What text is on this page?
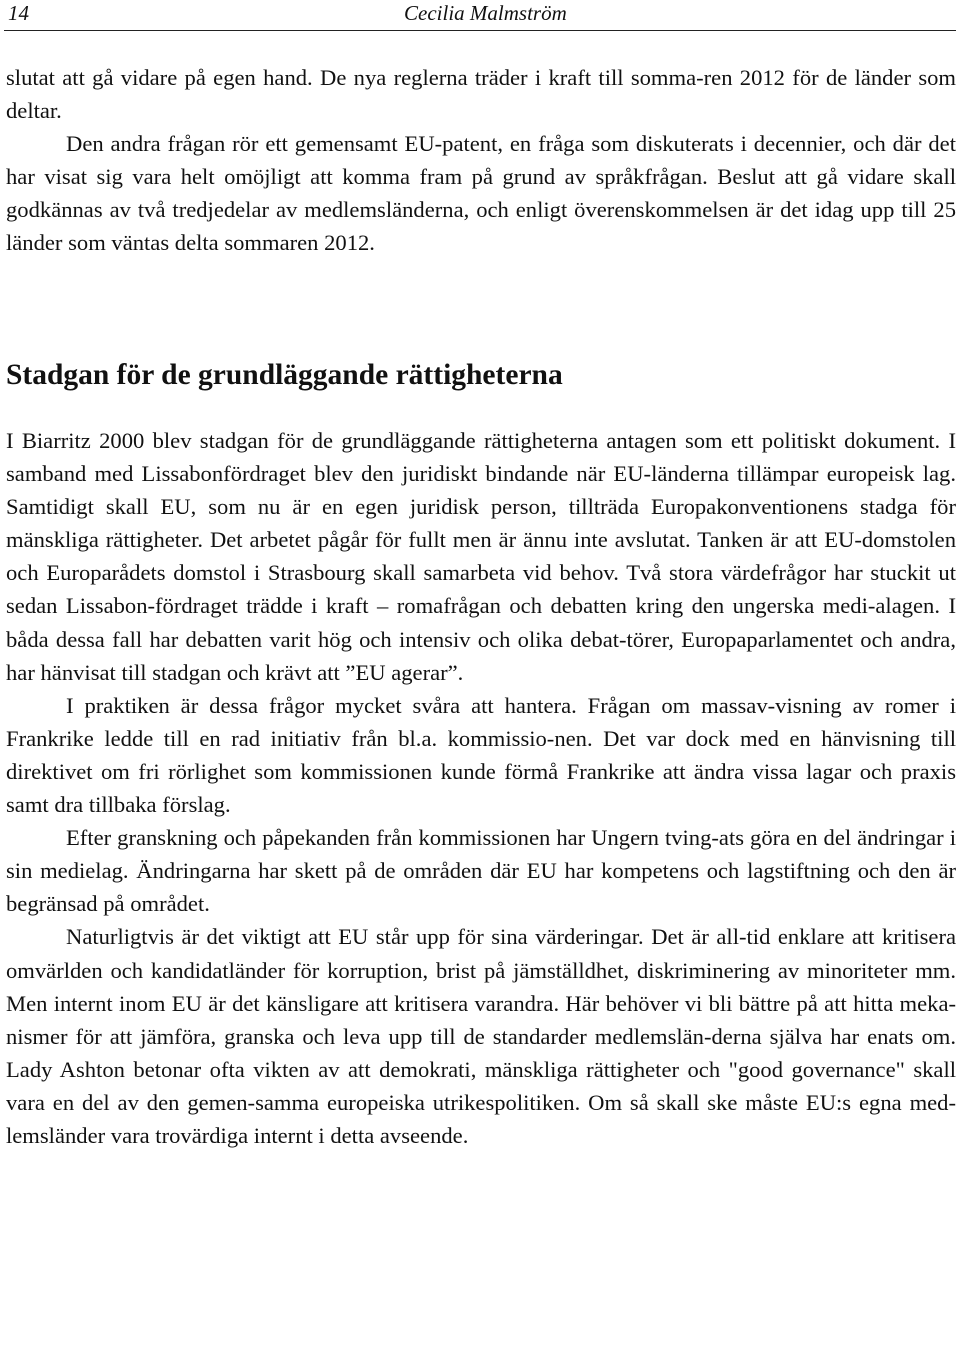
14	Cecilia Malmström

slutat att gå vidare på egen hand. De nya reglerna träder i kraft till somma-ren 2012 för de länder som deltar.

Den andra frågan rör ett gemensamt EU-patent, en fråga som diskuterats i decennier, och där det har visat sig vara helt omöjligt att komma fram på grund av språkfrågan. Beslut att gå vidare skall godkännas av två tredjedelar av medlemsländerna, och enligt överenskommelsen är det idag upp till 25 länder som väntas delta sommaren 2012.

Stadgan för de grundläggande rättigheterna

I Biarritz 2000 blev stadgan för de grundläggande rättigheterna antagen som ett politiskt dokument. I samband med Lissabonfördraget blev den juridiskt bindande när EU-länderna tillämpar europeisk lag. Samtidigt skall EU, som nu är en egen juridisk person, tillträda Europakonventionens stadga för mänskliga rättigheter. Det arbetet pågår för fullt men är ännu inte avslutat. Tanken är att EU-domstolen och Europarådets domstol i Strasbourg skall samarbeta vid behov. Två stora värdefrågor har stuckit ut sedan Lissabon-fördraget trädde i kraft – romafrågan och debatten kring den ungerska medi-alagen. I båda dessa fall har debatten varit hög och intensiv och olika debat-törer, Europaparlamentet och andra, har hänvisat till stadgan och krävt att ”EU agerar”.

I praktiken är dessa frågor mycket svåra att hantera. Frågan om massav-visning av romer i Frankrike ledde till en rad initiativ från bl.a. kommissio-nen. Det var dock med en hänvisning till direktivet om fri rörlighet som kommissionen kunde förmå Frankrike att ändra vissa lagar och praxis samt dra tillbaka förslag.

Efter granskning och påpekanden från kommissionen har Ungern tving-ats göra en del ändringar i sin medielag. Ändringarna har skett på de områden där EU har kompetens och lagstiftning och den är begränsad på området.

Naturligtvis är det viktigt att EU står upp för sina värderingar. Det är all-tid enklare att kritisera omvärlden och kandidatländer för korruption, brist på jämställdhet, diskriminering av minoriteter mm. Men internt inom EU är det känsligare att kritisera varandra. Här behöver vi bli bättre på att hitta meka-nismer för att jämföra, granska och leva upp till de standarder medlemslän-derna själva har enats om. Lady Ashton betonar ofta vikten av att demokrati, mänskliga rättigheter och "good governance" skall vara en del av den gemen-samma europeiska utrikespolitiken. Om så skall ske måste EU:s egna med-lemsländer vara trovärdiga internt i detta avseende.
